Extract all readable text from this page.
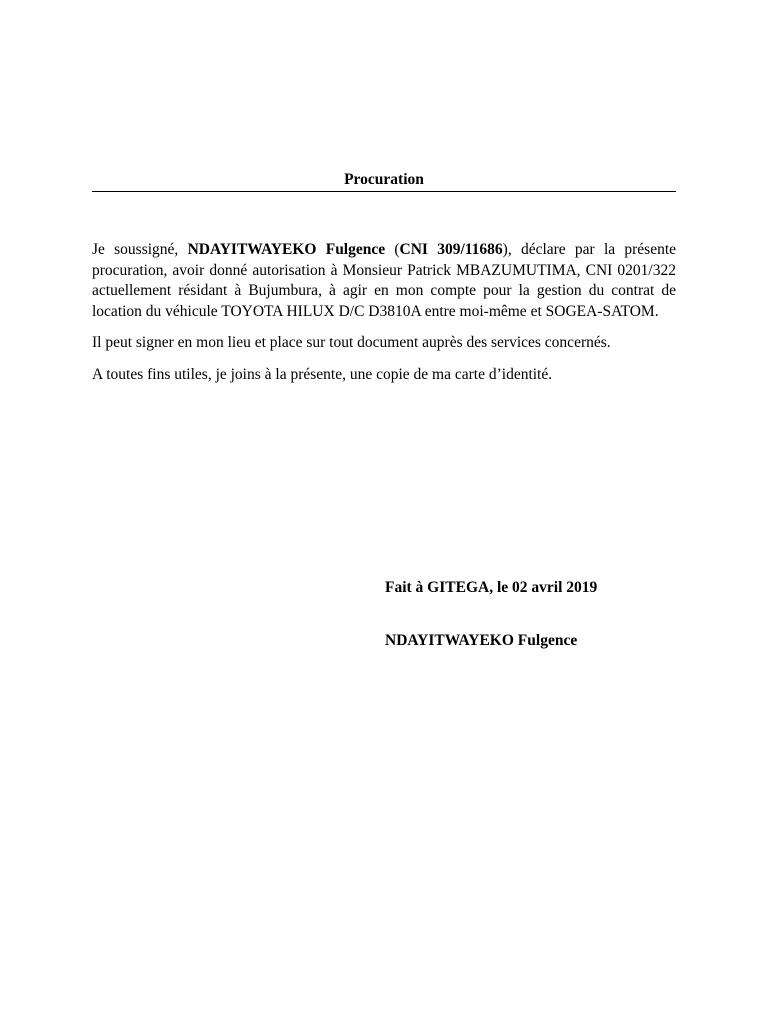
Procuration

Je soussigné, NDAYITWAYEKO Fulgence (CNI 309/11686), déclare par la présente procuration, avoir donné autorisation à Monsieur Patrick MBAZUMUTIMA, CNI 0201/322 actuellement résidant à Bujumbura, à agir en mon compte pour la gestion du contrat de location du véhicule TOYOTA HILUX D/C D3810A entre moi-même et SOGEA-SATOM.

Il peut signer en mon lieu et place sur tout document auprès des services concernés.

A toutes fins utiles, je joins à la présente, une copie de ma carte d’identité.

Fait à GITEGA, le 02 avril 2019

NDAYITWAYEKO Fulgence
